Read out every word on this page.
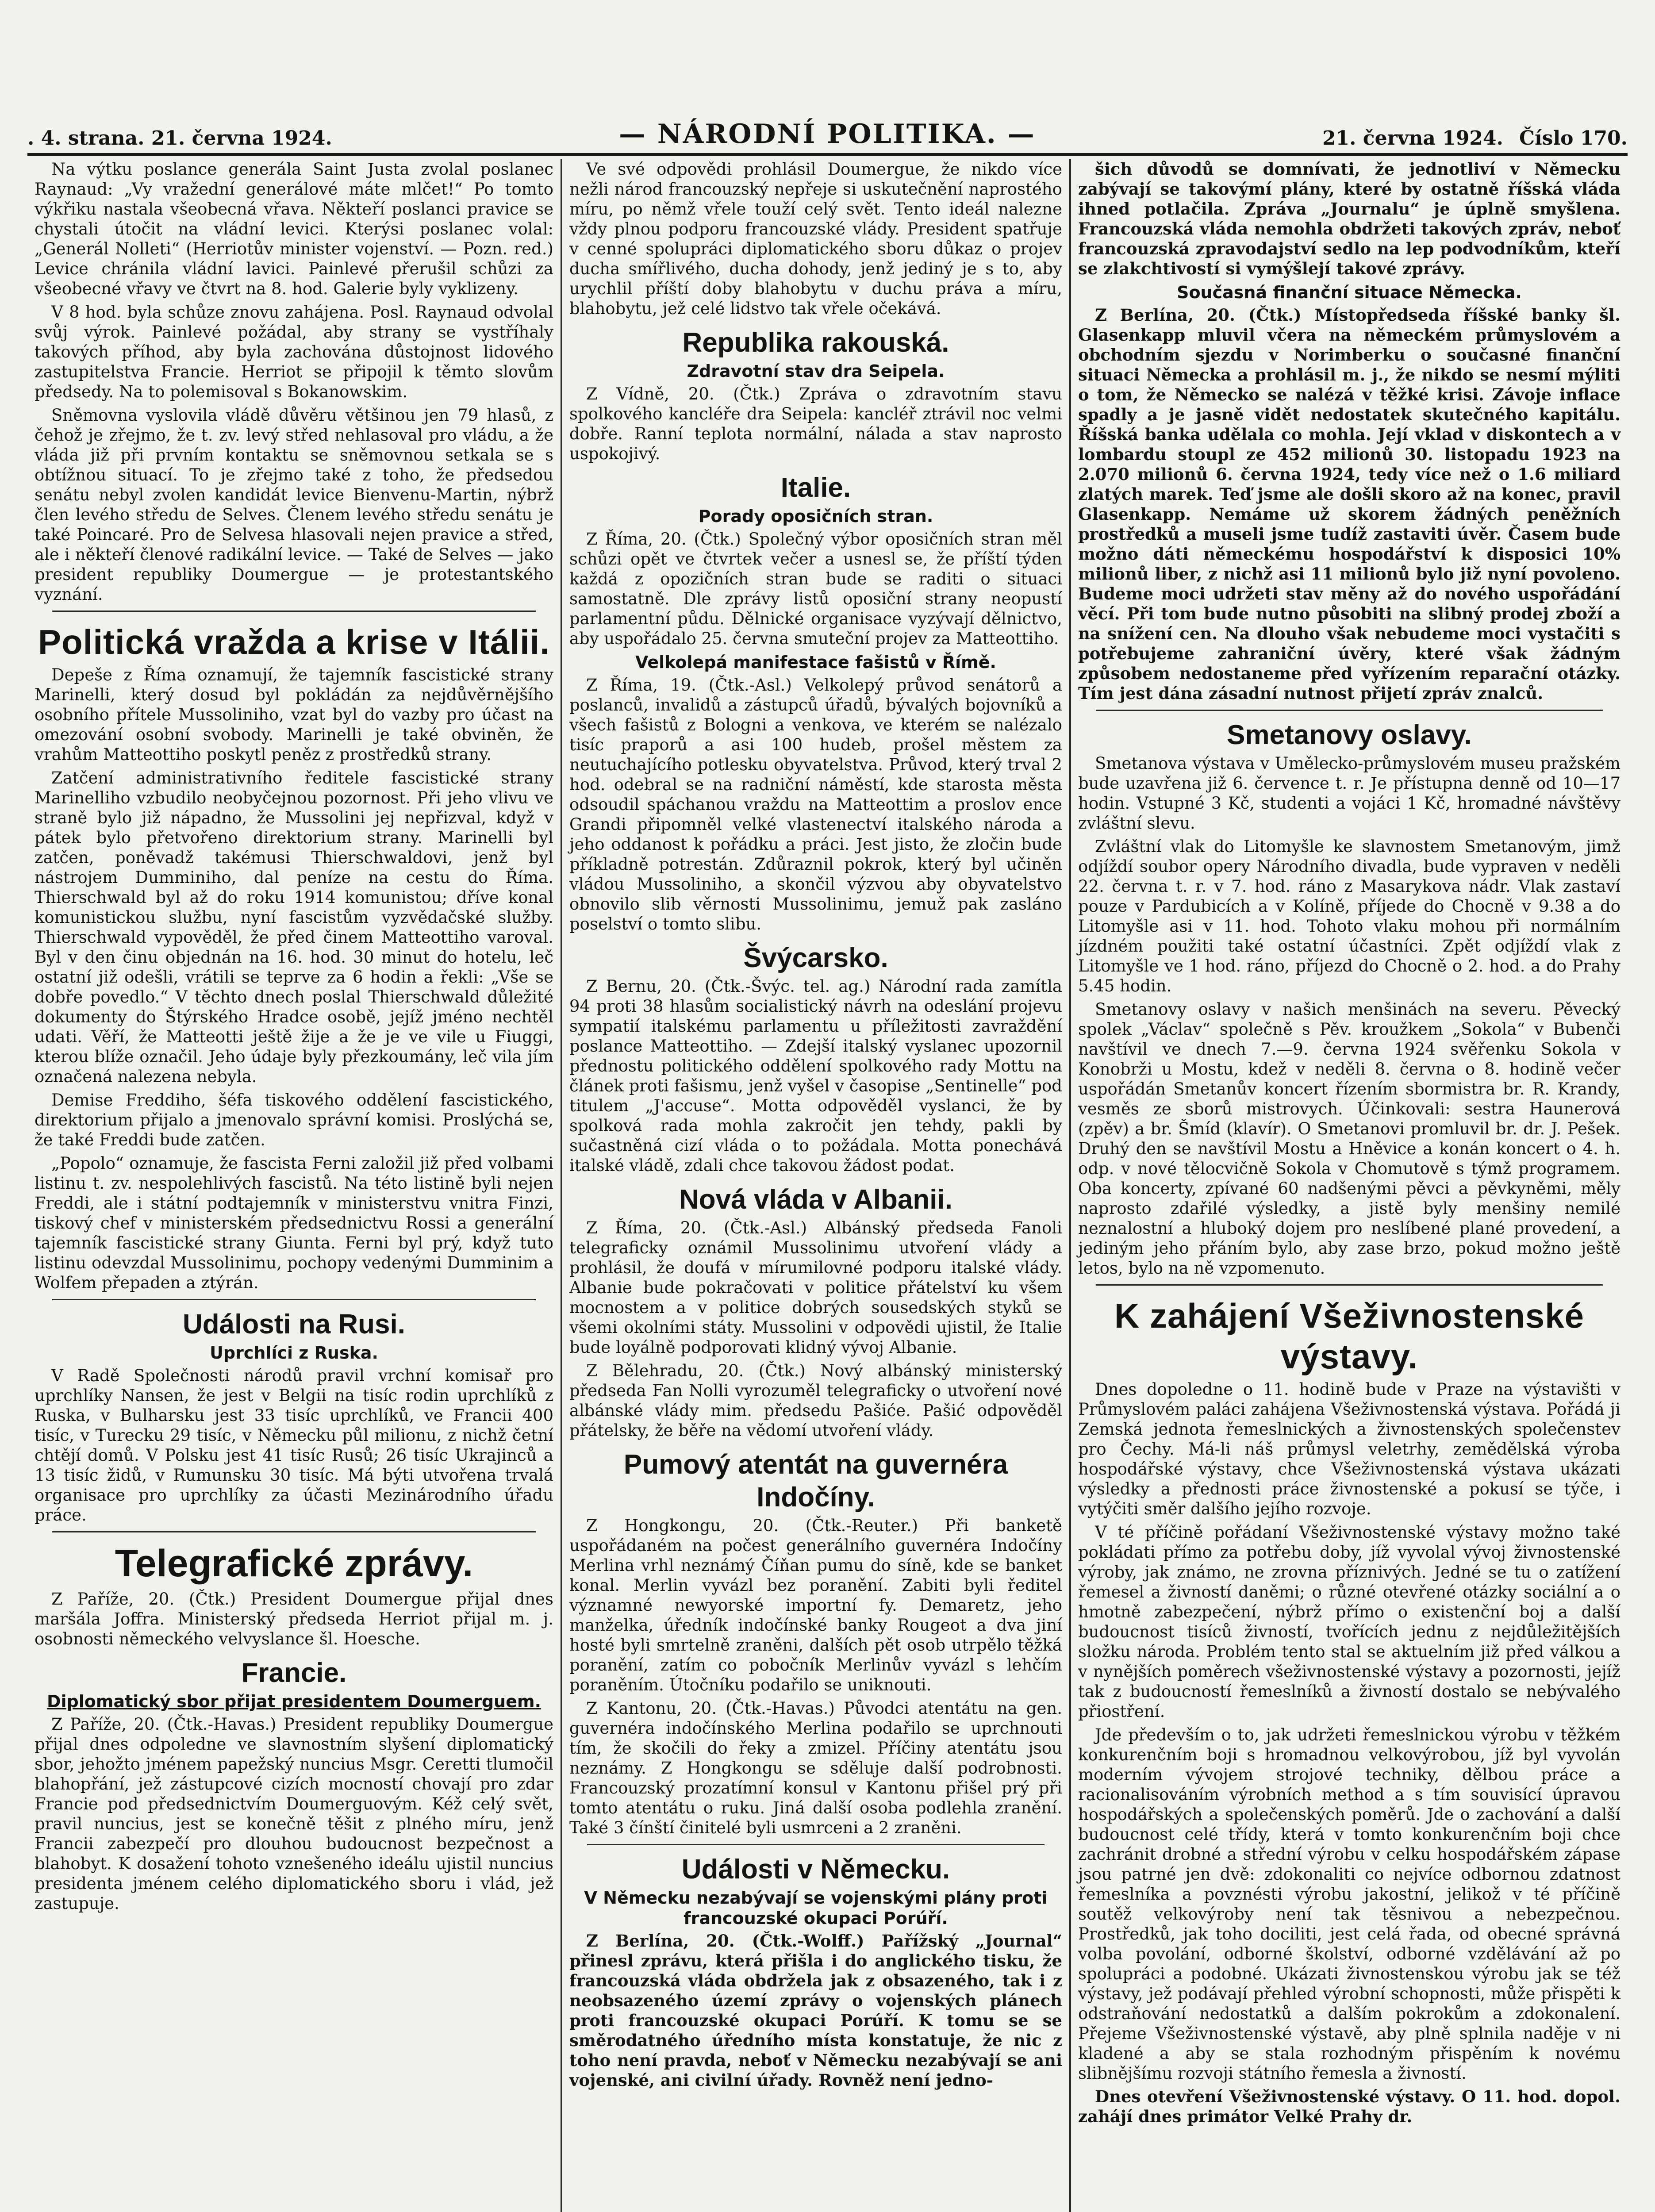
. 4. strana. 21. června 1924.	— NÁRODNÍ POLITIKA. —	21. června 1924. Číslo 170.

Na výtku poslance generála Saint Justa zvolal poslanec Raynaud: „Vy vražední generálové máte mlčet!“ Po tomto výkřiku nastala všeobecná vřava. Někteří poslanci pravice se chystali útočit na vládní levici. Kterýsi poslanec volal: „Generál Nolleti“ (Herriotův minister vojenství. — Pozn. red.) Levice chránila vládní lavici. Painlevé přerušil schůzi za všeobecné vřavy ve čtvrt na 8. hod. Galerie byly vyklizeny.

V 8 hod. byla schůze znovu zahájena. Posl. Raynaud odvolal svůj výrok. Painlevé požádal, aby strany se vystříhaly takových příhod, aby byla zachována důstojnost lidového zastupitelstva Francie. Herriot se připojil k těmto slovům předsedy. Na to polemisoval s Bokanowskim.

Sněmovna vyslovila vládě důvěru většinou jen 79 hlasů, z čehož je zřejmo, že t. zv. levý střed nehlasoval pro vládu, a že vláda již při prvním kontaktu se sněmovnou setkala se s obtížnou situací. To je zřejmo také z toho, že předsedou senátu nebyl zvolen kandidát levice Bienvenu-Martin, nýbrž člen levého středu de Selves. Členem levého středu senátu je také Poincaré. Pro de Selvesa hlasovali nejen pravice a střed, ale i někteří členové radikální levice. — Také de Selves — jako president republiky Doumergue — je protestantského vyznání.

Politická vražda a krise v Itálii.

Depeše z Říma oznamují, že tajemník fascistické strany Marinelli, který dosud byl pokládán za nejdůvěrnějšího osobního přítele Mussoliniho, vzat byl do vazby pro účast na omezování osobní svobody. Marinelli je také obviněn, že vrahům Matteottiho poskytl peněz z prostředků strany.

Zatčení administrativního ředitele fascistické strany Marinelliho vzbudilo neobyčejnou pozornost. Při jeho vlivu ve straně bylo již nápadno, že Mussolini jej nepřizval, když v pátek bylo přetvořeno direktorium strany. Marinelli byl zatčen, poněvadž takémusi Thierschwaldovi, jenž byl nástrojem Dumminiho, dal peníze na cestu do Říma. Thierschwald byl až do roku 1914 komunistou; dříve konal komunistickou službu, nyní fascistům vyzvědačské služby. Thierschwald vypověděl, že před činem Matteottiho varoval. Byl v den činu objednán na 16. hod. 30 minut do hotelu, leč ostatní již odešli, vrátili se teprve za 6 hodin a řekli: „Vše se dobře povedlo.“ V těchto dnech poslal Thierschwald důležité dokumenty do Štýrského Hradce osobě, jejíž jméno nechtěl udati. Věří, že Matteotti ještě žije a že je ve vile u Fiuggi, kterou blíže označil. Jeho údaje byly přezkoumány, leč vila jím označená nalezena nebyla.

Demise Freddiho, šéfa tiskového oddělení fascistického, direktorium přijalo a jmenovalo správní komisi. Proslýchá se, že také Freddi bude zatčen.

„Popolo“ oznamuje, že fascista Ferni založil již před volbami listinu t. zv. nespolehlivých fascistů. Na této listině byli nejen Freddi, ale i státní podtajemník v ministerstvu vnitra Finzi, tiskový chef v ministerském předsednictvu Rossi a generální tajemník fascistické strany Giunta. Ferni byl prý, když tuto listinu odevzdal Mussolinimu, pochopy vedenými Dumminim a Wolfem přepaden a ztýrán.

Události na Rusi.
Uprchlíci z Ruska.

V Radě Společnosti národů pravil vrchní komisař pro uprchlíky Nansen, že jest v Belgii na tisíc rodin uprchlíků z Ruska, v Bulharsku jest 33 tisíc uprchlíků, ve Francii 400 tisíc, v Turecku 29 tisíc, v Německu půl milionu, z nichž četní chtějí domů. V Polsku jest 41 tisíc Rusů; 26 tisíc Ukrajinců a 13 tisíc židů, v Rumunsku 30 tisíc. Má býti utvořena trvalá organisace pro uprchlíky za účasti Mezinárodního úřadu práce.

Telegrafické zprávy.

Z Paříže, 20. (Čtk.) President Doumergue přijal dnes maršála Joffra. Ministerský předseda Herriot přijal m. j. osobnosti německého velvyslance šl. Hoesche.

Francie.
Diplomatický sbor přijat presidentem Doumerguem.

Z Paříže, 20. (Čtk.-Havas.) President republiky Doumergue přijal dnes odpoledne ve slavnostním slyšení diplomatický sbor, jehožto jménem papežský nuncius Msgr. Ceretti tlumočil blahopřání, jež zástupcové cizích mocností chovají pro zdar Francie pod předsednictvím Doumerguovým. Kéž celý svět, pravil nuncius, jest se konečně těšit z plného míru, jenž Francii zabezpečí pro dlouhou budoucnost bezpečnost a blahobyt. K dosažení tohoto vznešeného ideálu ujistil nuncius presidenta jménem celého diplomatického sboru i vlád, jež zastupuje.

Ve své odpovědi prohlásil Doumergue, že nikdo více nežli národ francouzský nepřeje si uskutečnění naprostého míru, po němž vřele touží celý svět. Tento ideál nalezne vždy plnou podporu francouzské vlády. President spatřuje v cenné spolupráci diplomatického sboru důkaz o projev ducha smířlivého, ducha dohody, jenž jediný je s to, aby urychlil příští doby blahobytu v duchu práva a míru, blahobytu, jež celé lidstvo tak vřele očekává.

Republika rakouská.
Zdravotní stav dra Seipela.

Z Vídně, 20. (Čtk.) Zpráva o zdravotním stavu spolkového kancléře dra Seipela: kancléř ztrávil noc velmi dobře. Ranní teplota normální, nálada a stav naprosto uspokojivý.

Italie.
Porady oposičních stran.

Z Říma, 20. (Čtk.) Společný výbor oposičních stran měl schůzi opět ve čtvrtek večer a usnesl se, že příští týden každá z opozičních stran bude se raditi o situaci samostatně. Dle zprávy listů oposiční strany neopustí parlamentní půdu. Dělnické organisace vyzývají dělnictvo, aby uspořádalo 25. června smuteční projev za Matteottiho.

Velkolepá manifestace fašistů v Římě.

Z Říma, 19. (Čtk.-Asl.) Velkolepý průvod senátorů a poslanců, invalidů a zástupců úřadů, bývalých bojovníků a všech fašistů z Bologni a venkova, ve kterém se nalézalo tisíc praporů a asi 100 hudeb, prošel městem za neutuchajícího potlesku obyvatelstva. Průvod, který trval 2 hod. odebral se na radniční náměstí, kde starosta města odsoudil spáchanou vraždu na Matteottim a proslov ence Grandi připomněl velké vlastenectví italského národa a jeho oddanost k pořádku a práci. Jest jisto, že zločin bude příkladně potrestán. Zdůraznil pokrok, který byl učiněn vládou Mussoliniho, a skončil výzvou aby obyvatelstvo obnovilo slib věrnosti Mussolinimu, jemuž pak zasláno poselství o tomto slibu.

Švýcarsko.

Z Bernu, 20. (Čtk.-Švýc. tel. ag.) Národní rada zamítla 94 proti 38 hlasům socialistický návrh na odeslání projevu sympatií italskému parlamentu u příležitosti zavraždění poslance Matteottiho. — Zdejší italský vyslanec upozornil přednostu politického oddělení spolkového rady Mottu na článek proti fašismu, jenž vyšel v časopise „Sentinelle“ pod titulem „J'accuse“. Motta odpověděl vyslanci, že by spolková rada mohla zakročit jen tehdy, pakli by sučastněná cizí vláda o to požádala. Motta ponechává italské vládě, zdali chce takovou žádost podat.

Nová vláda v Albanii.

Z Říma, 20. (Čtk.-Asl.) Albánský předseda Fanoli telegraficky oznámil Mussolinimu utvoření vlády a prohlásil, že doufá v mírumilovné podporu italské vlády. Albanie bude pokračovati v politice přátelství ku všem mocnostem a v politice dobrých sousedských styků se všemi okolními státy. Mussolini v odpovědi ujistil, že Italie bude loyálně podporovati klidný vývoj Albanie.

Z Bělehradu, 20. (Čtk.) Nový albánský ministerský předseda Fan Nolli vyrozuměl telegraficky o utvoření nové albánské vlády mim. předsedu Pašiće. Pašić odpověděl přátelsky, že běře na vědomí utvoření vlády.

Pumový atentát na guvernéra Indočíny.

Z Hongkongu, 20. (Čtk.-Reuter.) Při banketě uspořádaném na počest generálního guvernéra Indočíny Merlina vrhl neznámý Číňan pumu do síně, kde se banket konal. Merlin vyvázl bez poranění. Zabiti byli ředitel významné newyorské importní fy. Demaretz, jeho manželka, úředník indočínské banky Rougeot a dva jiní hosté byli smrtelně zraněni, dalších pět osob utrpělo těžká poranění, zatím co pobočník Merlinův vyvázl s lehčím poraněním. Útočníku podařilo se uniknouti.

Z Kantonu, 20. (Čtk.-Havas.) Původci atentátu na gen. guvernéra indočínského Merlina podařilo se uprchnouti tím, že skočili do řeky a zmizel. Příčiny atentátu jsou neznámy. Z Hongkongu se sděluje další podrobnosti. Francouzský prozatímní konsul v Kantonu přišel prý při tomto atentátu o ruku. Jiná další osoba podlehla zranění. Také 3 čínští činitelé byli usmrceni a 2 zraněni.

Události v Německu.
V Německu nezabývají se vojenskými plány proti francouzské okupaci Porúří.

Z Berlína, 20. (Čtk.-Wolff.) Pařížský „Journal“ přinesl zprávu, která přišla i do anglického tisku, že francouzská vláda obdržela jak z obsazeného, tak i z neobsazeného území zprávy o vojenských plánech proti francouzské okupaci Porúří. K tomu se se směrodatného úředního místa konstatuje, že nic z toho není pravda, neboť v Německu nezabývají se ani vojenské, ani civilní úřady. Rovněž není jedno-

šich důvodů se domnívati, že jednotliví v Německu zabývají se takovýmí plány, které by ostatně říšská vláda ihned potlačila. Zpráva „Journalu“ je úplně smyšlena. Francouzská vláda nemohla obdržeti takových zpráv, neboť francouzská zpravodajství sedlo na lep podvodníkům, kteří se zlakchtivostí si vymýšlejí takové zprávy.

Současná finanční situace Německa.

Z Berlína, 20. (Čtk.) Místopředseda říšské banky šl. Glasenkapp mluvil včera na německém průmyslovém a obchodním sjezdu v Norimberku o současné finanční situaci Německa a prohlásil m. j., že nikdo se nesmí mýliti o tom, že Německo se nalézá v těžké krisi. Závoje inflace spadly a je jasně vidět nedostatek skutečného kapitálu. Říšská banka udělala co mohla. Její vklad v diskontech a v lombardu stoupl ze 452 milionů 30. listopadu 1923 na 2.070 milionů 6. června 1924, tedy více než o 1.6 miliard zlatých marek. Teď jsme ale došli skoro až na konec, pravil Glasenkapp. Nemáme už skorem žádných peněžních prostředků a museli jsme tudíž zastaviti úvěr. Časem bude možno dáti německému hospodářství k disposici 10% milionů liber, z nichž asi 11 milionů bylo již nyní povoleno. Budeme moci udržeti stav měny až do nového uspořádání věcí. Při tom bude nutno působiti na slibný prodej zboží a na snížení cen. Na dlouho však nebudeme moci vystačiti s potřebujeme zahraniční úvěry, které však žádným způsobem nedostaneme před vyřízením reparační otázky. Tím jest dána zásadní nutnost přijetí zpráv znalců.

Smetanovy oslavy.

Smetanova výstava v Umělecko-průmyslovém museu pražském bude uzavřena již 6. července t. r. Je přístupna denně od 10—17 hodin. Vstupné 3 Kč, studenti a vojáci 1 Kč, hromadné návštěvy zvláštní slevu.

Zvláštní vlak do Litomyšle ke slavnostem Smetanovým, jimž odjíždí soubor opery Národního divadla, bude vypraven v neděli 22. června t. r. v 7. hod. ráno z Masarykova nádr. Vlak zastaví pouze v Pardubicích a v Kolíně, příjede do Chocně v 9.38 a do Litomyšle asi v 11. hod. Tohoto vlaku mohou při normálním jízdném použiti také ostatní účastníci. Zpět odjíždí vlak z Litomyšle ve 1 hod. ráno, příjezd do Chocně o 2. hod. a do Prahy 5.45 hodin.

Smetanovy oslavy v našich menšinách na severu. Pěvecký spolek „Václav“ společně s Pěv. kroužkem „Sokola“ v Bubenči navštívil ve dnech 7.—9. června 1924 svěřenku Sokola v Konobrži u Mostu, kdež v neděli 8. června o 8. hodině večer uspořádán Smetanův koncert řízením sbormistra br. R. Krandy, vesměs ze sborů mistrovych. Účinkovali: sestra Haunerová (zpěv) a br. Šmíd (klavír). O Smetanovi promluvil br. dr. J. Pešek. Druhý den se navštívil Mostu a Hněvice a konán koncert o 4. h. odp. v nové tělocvičně Sokola v Chomutově s týmž programem. Oba koncerty, zpívané 60 nadšenými pěvci a pěvkyněmi, měly naprosto zdařilé výsledky, a jistě byly menšiny nemilé neznalostní a hluboký dojem pro neslíbené plané provedení, a jediným jeho přáním bylo, aby zase brzo, pokud možno ještě letos, bylo na ně vzpomenuto.

K zahájení Všeživnostenské výstavy.

Dnes dopoledne o 11. hodině bude v Praze na výstavišti v Průmyslovém paláci zahájena Všeživnostenská výstava. Pořádá ji Zemská jednota řemeslnických a živnostenských společenstev pro Čechy. Má-li náš průmysl veletrhy, zemědělská výroba hospodářské výstavy, chce Všeživnostenská výstava ukázati výsledky a přednosti práce živnostenské a pokusí se týče, i vytýčiti směr dalšího jejího rozvoje.

V té příčině pořádaní Všeživnostenské výstavy možno také pokládati přímo za potřebu doby, jíž vyvolal vývoj živnostenské výroby, jak známo, ne zrovna příznivých. Jedné se tu o zatížení řemesel a živností daněmi; o různé otevřené otázky sociální a o hmotně zabezpečení, nýbrž přímo o existenční boj a další budoucnost tisíců živností, tvořících jednu z nejdůležitějších složku národa. Problém tento stal se aktuelním již před válkou a v nynějších poměrech všeživnostenské výstavy a pozornosti, jejíž tak z budoucností řemeslníků a živností dostalo se nebývalého přiostření.

Jde především o to, jak udržeti řemeslnickou výrobu v těžkém konkurenčním boji s hromadnou velkovýrobou, jíž byl vyvolán moderním vývojem strojové techniky, dělbou práce a racionalisováním výrobních method a s tím souvisící úpravou hospodářských a společenských poměrů. Jde o zachování a další budoucnost celé třídy, která v tomto konkurenčním boji chce zachránit drobné a střední výrobu v celku hospodářském zápase jsou patrné jen dvě: zdokonaliti co nejvíce odbornou zdatnost řemeslníka a povznésti výrobu jakostní, jelikož v té příčině soutěž velkovýroby není tak těsnivou a nebezpečnou. Prostředků, jak toho dociliti, jest celá řada, od obecné správná volba povolání, odborné školství, odborné vzdělávání až po spolupráci a podobné. Ukázati živnostenskou výrobu jak se též výstavy, jež podávají přehled výrobní schopnosti, může přispěti k odstraňování nedostatků a dalším pokrokům a zdokonalení. Přejeme Všeživnostenské výstavě, aby plně splnila naděje v ni kladené a aby se stala rozhodným přispěním k novému slibnějšímu rozvoji státního řemesla a živností.

Dnes otevření Všeživnostenské výstavy. O 11. hod. dopol. zahájí dnes primátor Velké Prahy dr.
